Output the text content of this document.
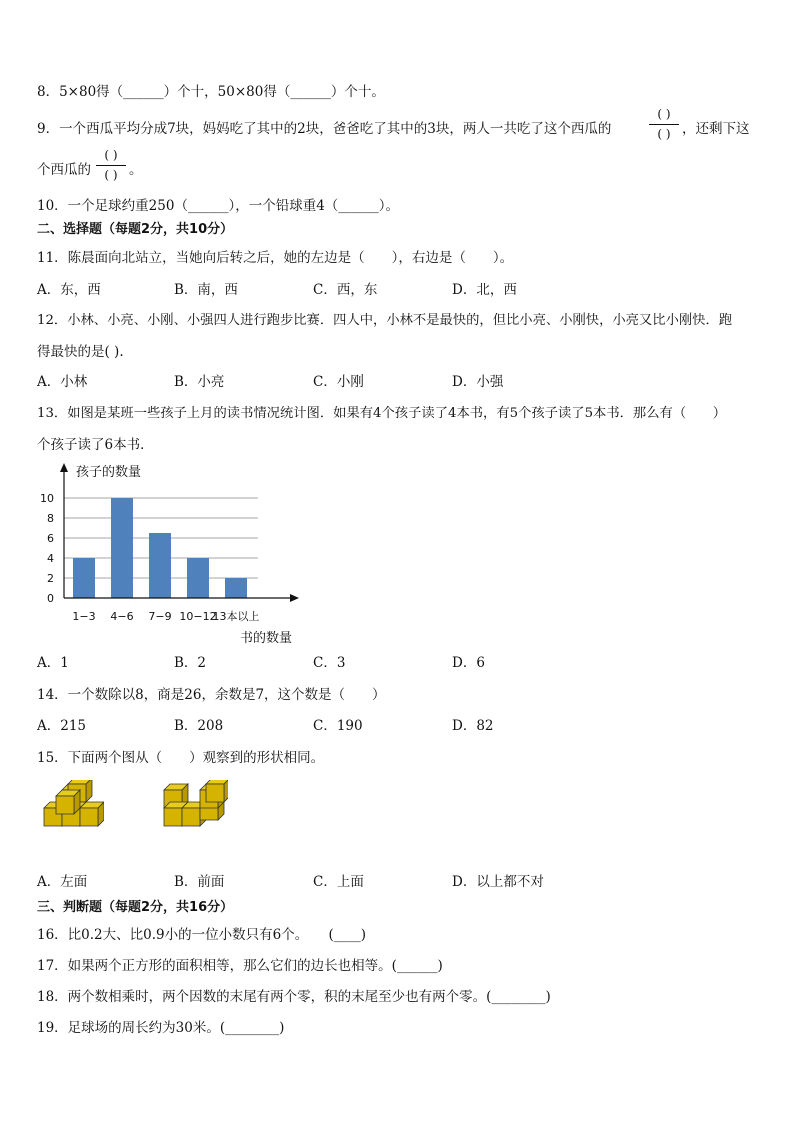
8．5×80得（______）个十，50×80得（______）个十。
9．一个西瓜平均分成7块，妈妈吃了其中的2块，爸爸吃了其中的3块，两人一共吃了这个西瓜的
( )
( ) ，还剩下这
个西瓜的
( )
( ) 。
10．一个足球约重250（______），一个铅球重4（______）。
二、选择题（每题2分，共10分）
11．陈晨面向北站立，当她向后转之后，她的左边是（　　），右边是（　　）。
A．东，西	B．南，西	C．西，东	D．北，西
12．小林、小亮、小刚、小强四人进行跑步比赛．四人中，小林不是最快的，但比小亮、小刚快，小亮又比小刚快．跑
得最快的是( ).
A．小林	B．小亮	C．小刚	D．小强
13．如图是某班一些孩子上月的读书情况统计图．如果有4个孩子读了4本书，有5个孩子读了5本书．那么有（　　）
个孩子读了6本书．
0
2
4
6
8
10
1−3 4−6 7−9 10−12
13本以上
孩子的数量
书的数量
A．1	B．2	C．3	D．6
14．一个数除以8，商是26，余数是7，这个数是（　　）
A．215	B．208	C．190	D．82
15．下面两个图从（　　）观察到的形状相同。
A．左面	B．前面	C．上面	D．以上都不对
三、判断题（每题2分，共16分）
16．比0.2大、比0.9小的一位小数只有6个。　　(____)
17．如果两个正方形的面积相等，那么它们的边长也相等。(______)
18．两个数相乘时，两个因数的末尾有两个零，积的末尾至少也有两个零。(________)
19．足球场的周长约为30米。(________)
